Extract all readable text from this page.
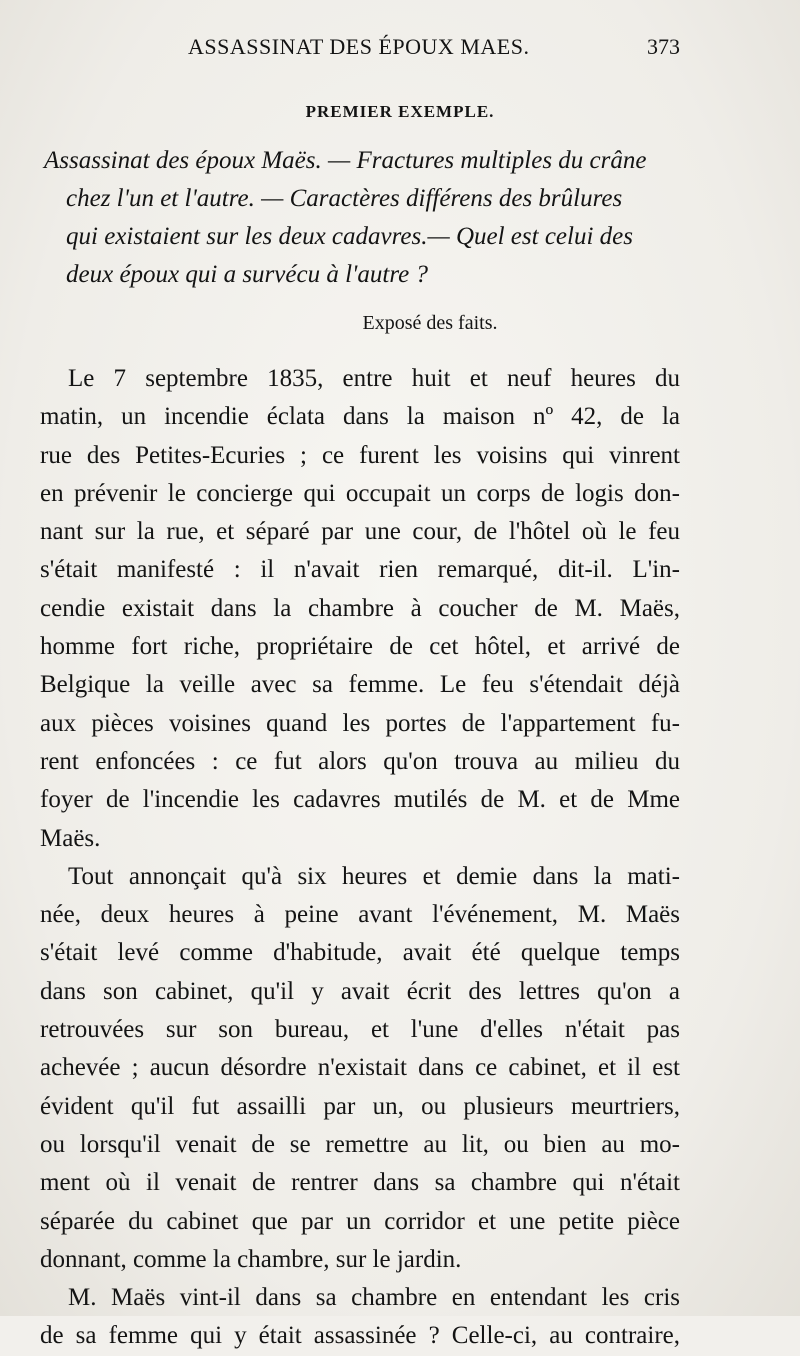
ASSASSINAT DES ÉPOUX MAES.	373
PREMIER EXEMPLE.
Assassinat des époux Maës. — Fractures multiples du crâne
chez l'un et l'autre. — Caractères différens des brûlures
qui existaient sur les deux cadavres.— Quel est celui des
deux époux qui a survécu à l'autre ?
Exposé des faits.
Le 7 septembre 1835, entre huit et neuf heures du
matin, un incendie éclata dans la maison nº 42, de la
rue des Petites-Ecuries ; ce furent les voisins qui vinrent
en prévenir le concierge qui occupait un corps de logis don-
nant sur la rue, et séparé par une cour, de l'hôtel où le feu
s'était manifesté : il n'avait rien remarqué, dit-il. L'in-
cendie existait dans la chambre à coucher de M. Maës,
homme fort riche, propriétaire de cet hôtel, et arrivé de
Belgique la veille avec sa femme. Le feu s'étendait déjà
aux pièces voisines quand les portes de l'appartement fu-
rent enfoncées : ce fut alors qu'on trouva au milieu du
foyer de l'incendie les cadavres mutilés de M. et de Mme
Maës.
Tout annonçait qu'à six heures et demie dans la mati-
née, deux heures à peine avant l'événement, M. Maës
s'était levé comme d'habitude, avait été quelque temps
dans son cabinet, qu'il y avait écrit des lettres qu'on a
retrouvées sur son bureau, et l'une d'elles n'était pas
achevée ; aucun désordre n'existait dans ce cabinet, et il est
évident qu'il fut assailli par un, ou plusieurs meurtriers,
ou lorsqu'il venait de se remettre au lit, ou bien au mo-
ment où il venait de rentrer dans sa chambre qui n'était
séparée du cabinet que par un corridor et une petite pièce
donnant, comme la chambre, sur le jardin.
M. Maës vint-il dans sa chambre en entendant les cris
de sa femme qui y était assassinée ? Celle-ci, au contraire,
